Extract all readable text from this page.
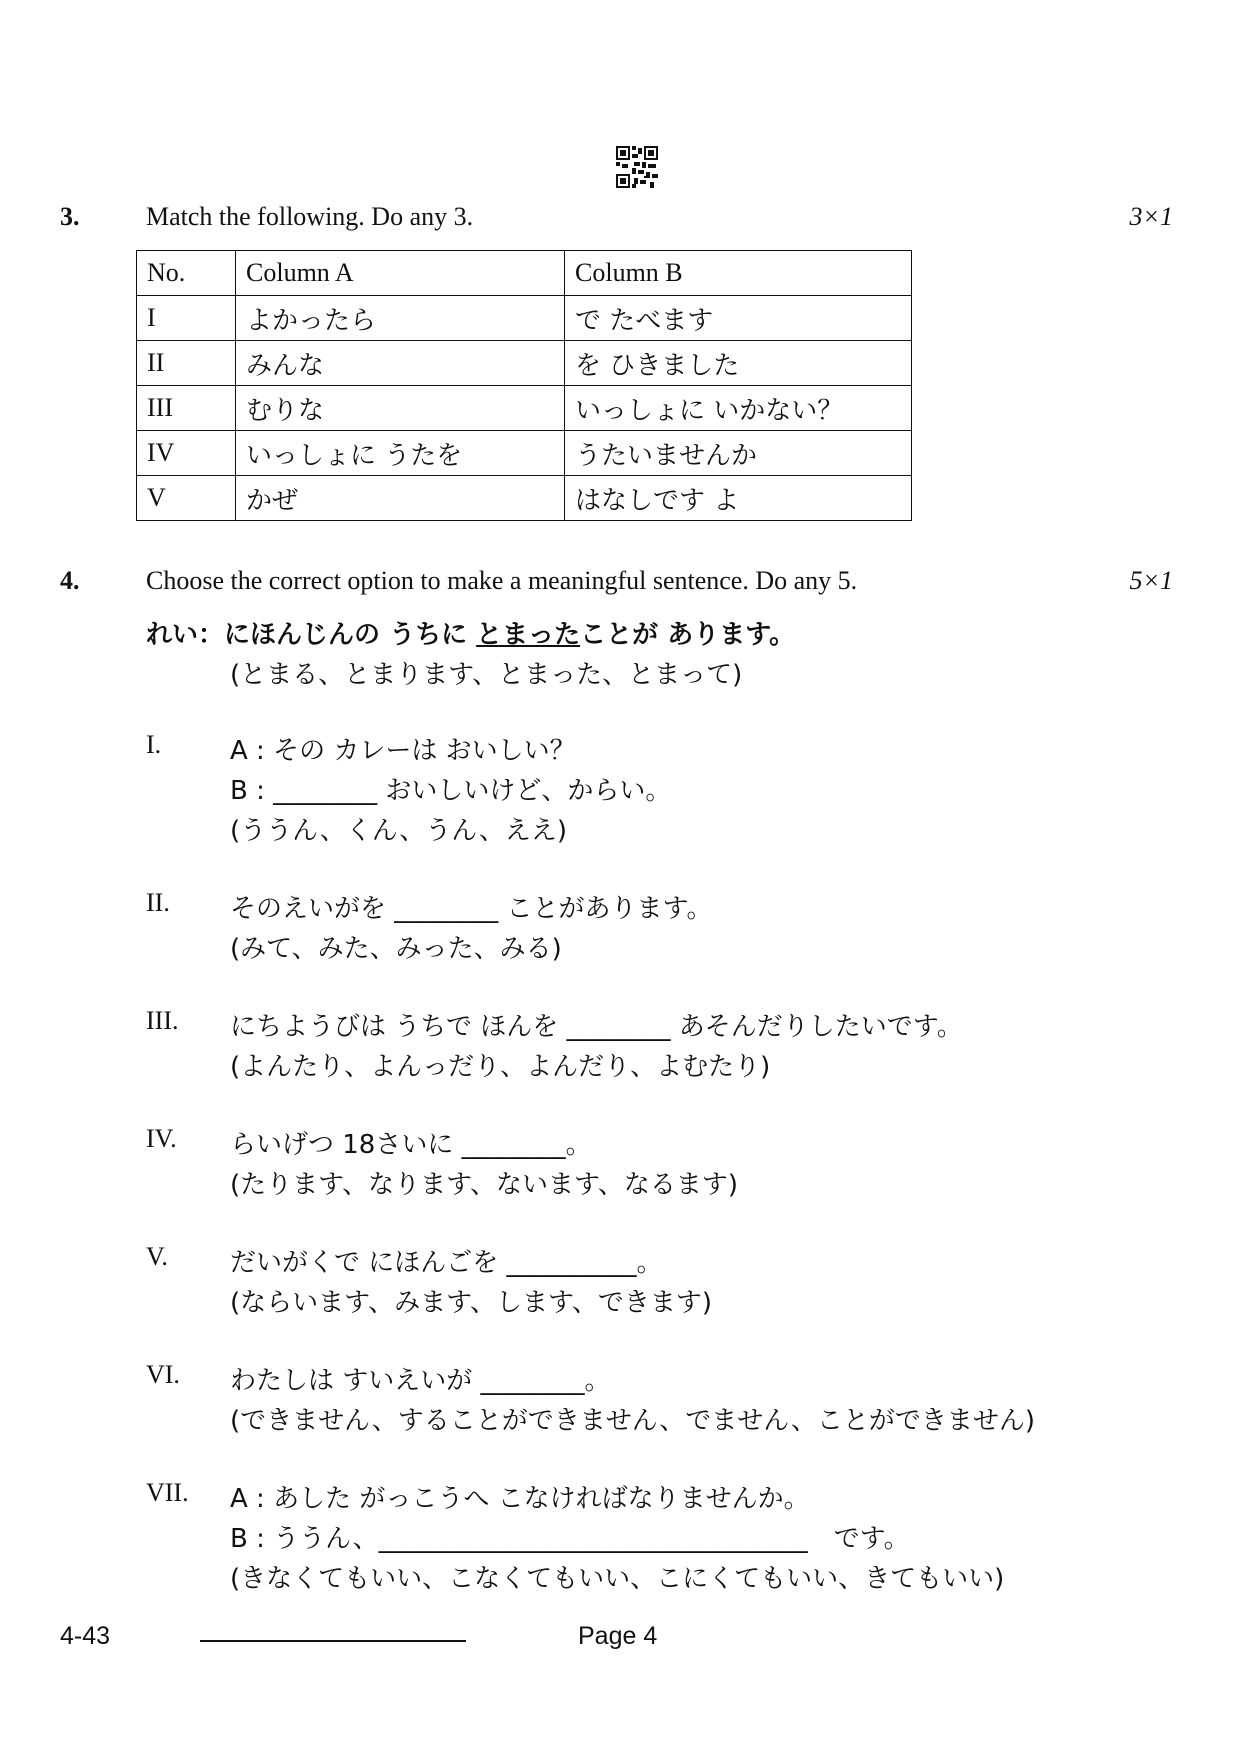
3.	Match the following. Do any 3.	3×1
No.	Column A	Column B
I	よかったら	で たべます
II	みんな	を ひきました
III	むりな	いっしょに いかない？
IV	いっしょに うたを	うたいませんか
V	かぜ	はなしです よ
4.	Choose the correct option to make a meaningful sentence. Do any 5.	5×1
れい：にほんじんの うちに とまったことが あります。
(とまる、とまります、とまった、とまって)
I.	A : その カレーは おいしい？
B : ________ おいしいけど、からい。
(ううん、くん、うん、ええ)
II. そのえいがを ________ ことがあります。
(みて、みた、みった、みる)
III. にちようびは うちで ほんを ________ あそんだりしたいです。
(よんたり、よんっだり、よんだり、よむたり)
IV. らいげつ 18さいに ________。
(たります、なります、ないます、なるます)
V. だいがくで にほんごを __________。
(ならいます、みます、します、できます)
VI. わたしは すいえいが ________。
(できません、することができません、でません、ことができません)
VII. A : あした がっこうへ こなければなりませんか。
B : ううん、_________________________________　です。
(きなくてもいい、こなくてもいい、こにくてもいい、きてもいい)
4-43	Page 4
